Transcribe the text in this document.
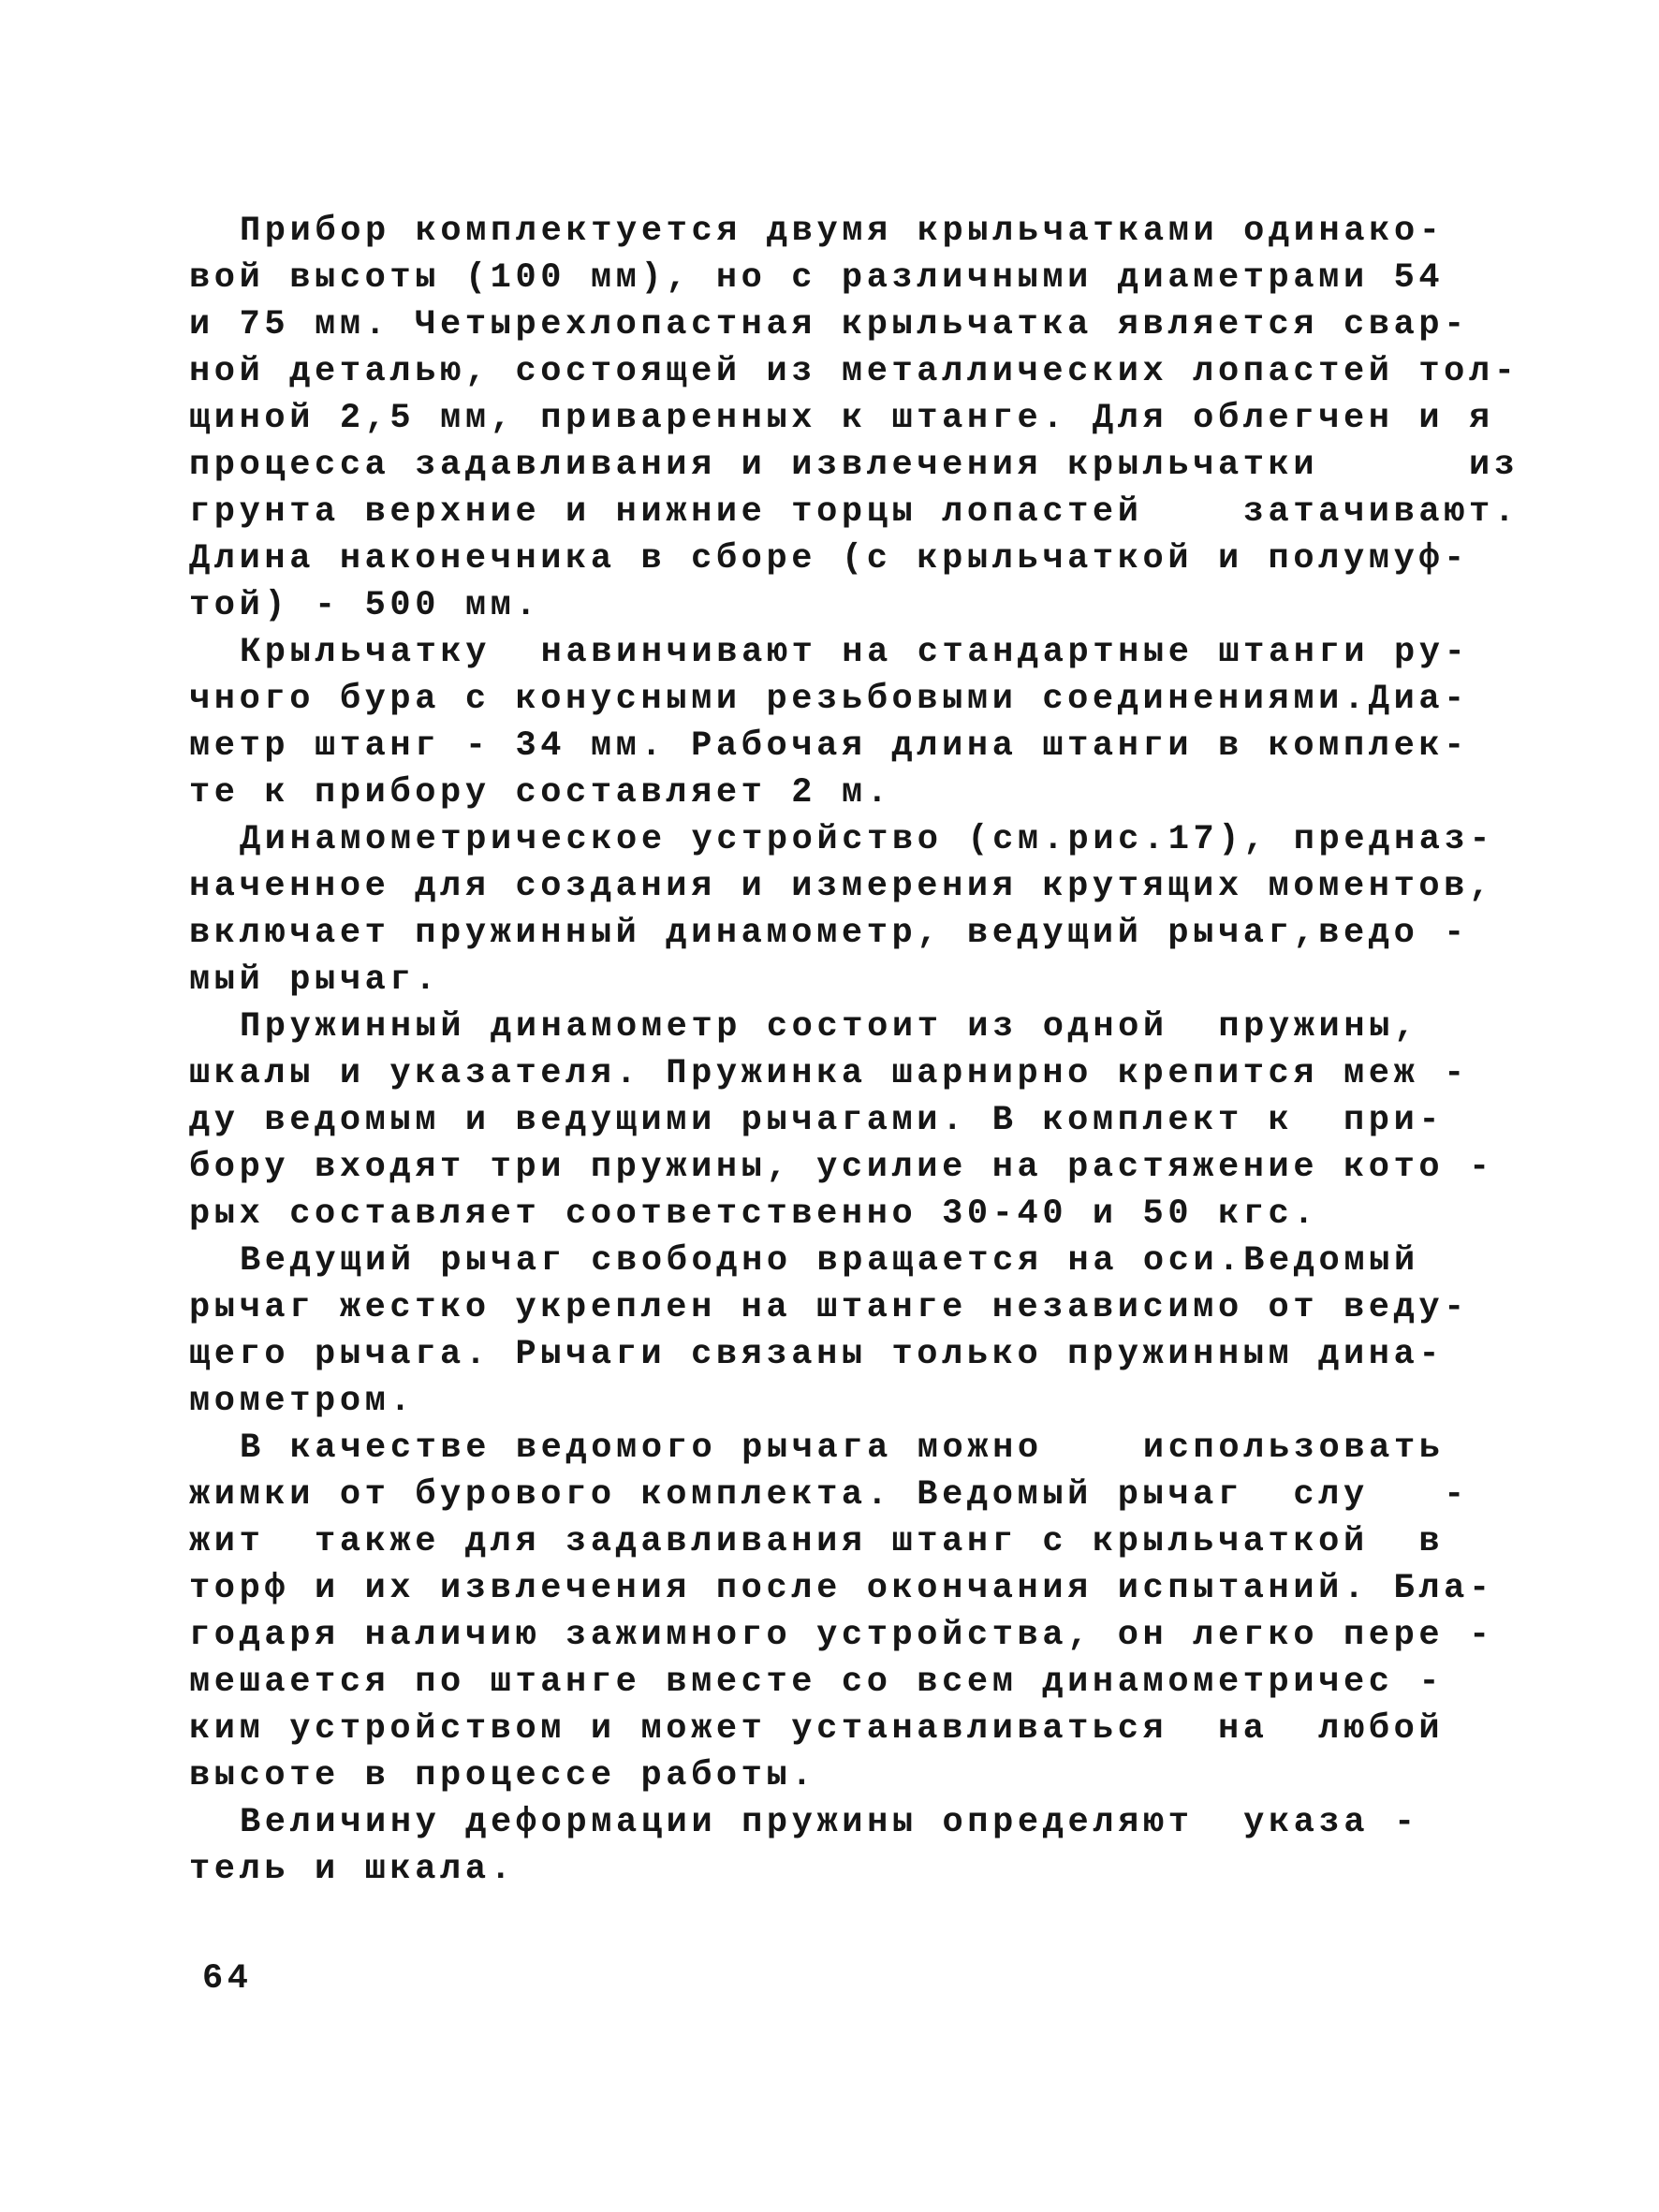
Прибор комплектуется двумя крыльчатками одинако-
вой высоты (100 мм), но с различными диаметрами 54
и 75 мм. Четырехлопастная крыльчатка является свар-
ной деталью, состоящей из металлических лопастей тол-
щиной 2,5 мм, приваренных к штанге. Для облегчен и я
процесса задавливания и извлечения крыльчатки      из
грунта верхние и нижние торцы лопастей    затачивают.
Длина наконечника в сборе (с крыльчаткой и полумуф-
той) - 500 мм.
Крыльчатку  навинчивают на стандартные штанги ру-
чного бура с конусными резьбовыми соединениями.Диа-
метр штанг - 34 мм. Рабочая длина штанги в комплек-
те к прибору составляет 2 м.
Динамометрическое устройство (см.рис.17), предназ-
наченное для создания и измерения крутящих моментов,
включает пружинный динамометр, ведущий рычаг,ведо -
мый рычаг.
Пружинный динамометр состоит из одной  пружины,
шкалы и указателя. Пружинка шарнирно крепится меж -
ду ведомым и ведущими рычагами. В комплект к  при-
бору входят три пружины, усилие на растяжение кото -
рых составляет соответственно 30-40 и 50 кгс.
Ведущий рычаг свободно вращается на оси.Ведомый
рычаг жестко укреплен на штанге независимо от веду-
щего рычага. Рычаги связаны только пружинным дина-
мометром.
В качестве ведомого рычага можно    использовать
жимки от бурового комплекта. Ведомый рычаг  слу   -
жит  также для задавливания штанг с крыльчаткой  в
торф и их извлечения после окончания испытаний. Бла-
годаря наличию зажимного устройства, он легко пере -
мешается по штанге вместе со всем динамометричес -
ким устройством и может устанавливаться  на  любой
высоте в процессе работы.
Величину деформации пружины определяют  указа -
тель и шкала.
64
